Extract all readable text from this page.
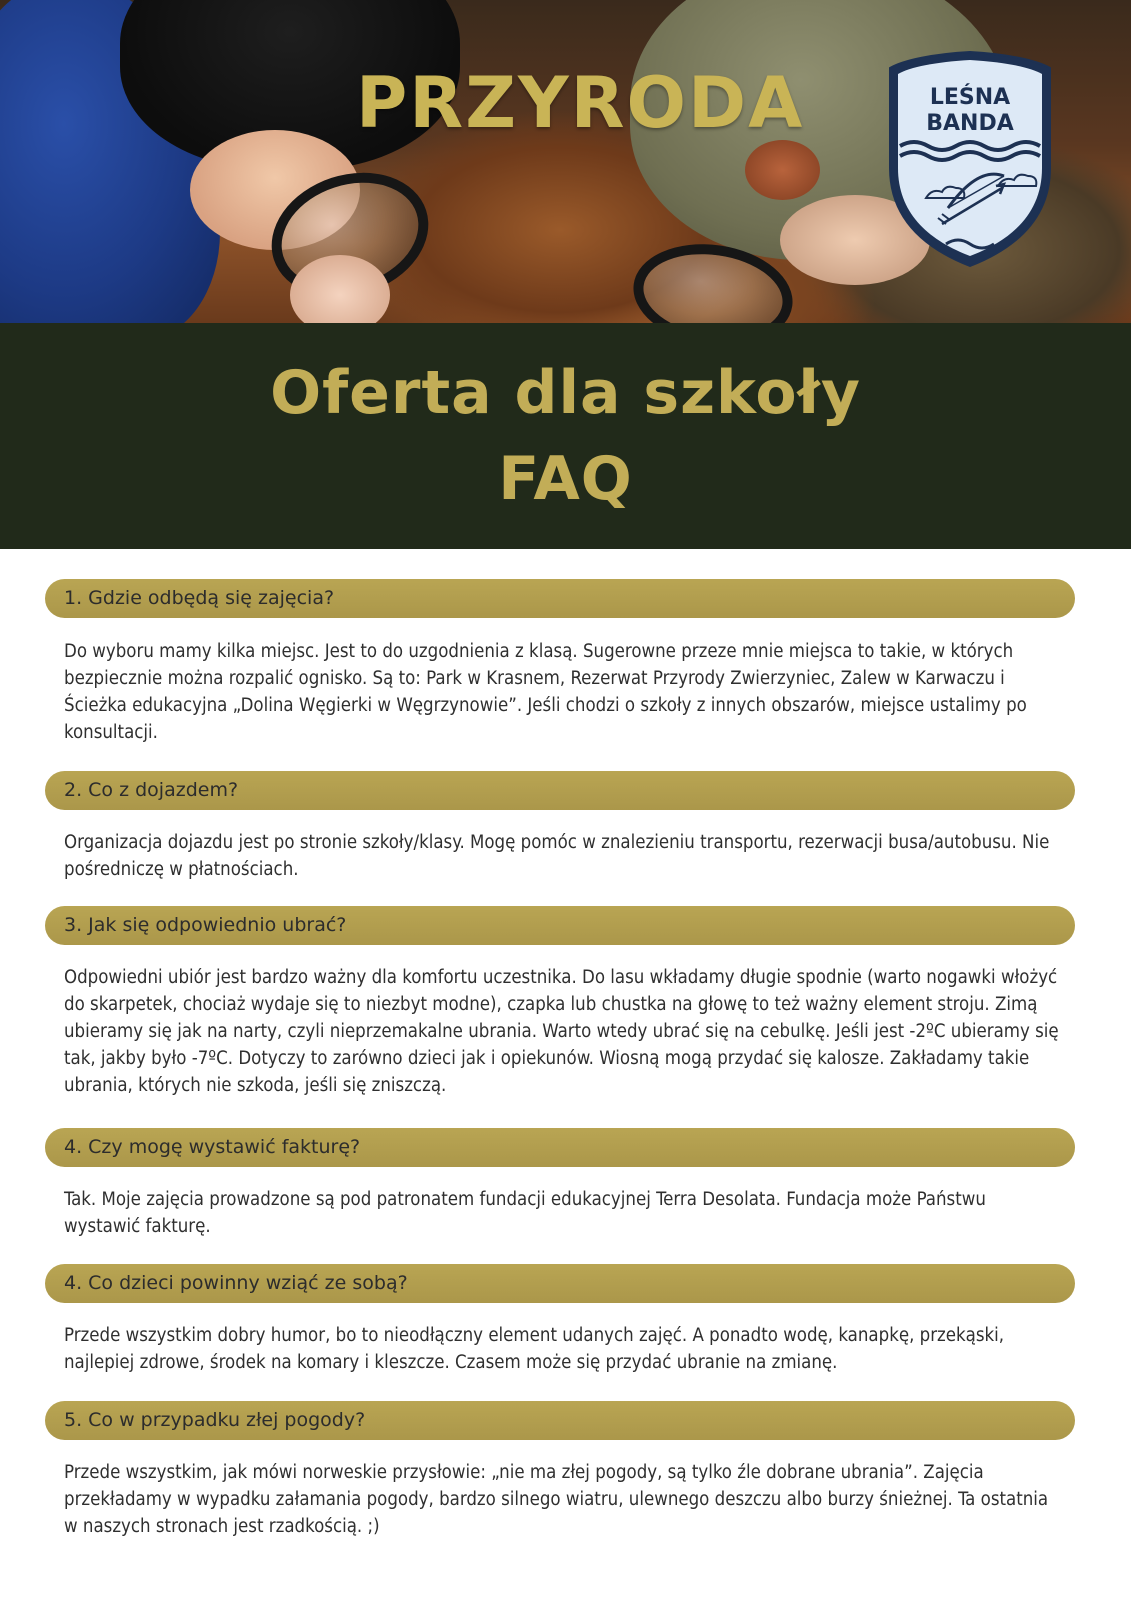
PRZYRODA	LEŚNA
BANDA
Oferta dla szkoły
FAQ
1. Gdzie odbędą się zajęcia?
Do wyboru mamy kilka miejsc. Jest to do uzgodnienia z klasą. Sugerowne przeze mnie miejsca to takie, w których bezpiecznie można rozpalić ognisko. Są to: Park w Krasnem, Rezerwat Przyrody Zwierzyniec, Zalew w Karwaczu i Ścieżka edukacyjna „Dolina Węgierki w Węgrzynowie”. Jeśli chodzi o szkoły z innych obszarów, miejsce ustalimy po konsultacji.
2. Co z dojazdem?
Organizacja dojazdu jest po stronie szkoły/klasy. Mogę pomóc w znalezieniu transportu, rezerwacji busa/autobusu. Nie pośredniczę w płatnościach.
3. Jak się odpowiednio ubrać?
Odpowiedni ubiór jest bardzo ważny dla komfortu uczestnika. Do lasu wkładamy długie spodnie (warto nogawki włożyć do skarpetek, chociaż wydaje się to niezbyt modne), czapka lub chustka na głowę to też ważny element stroju. Zimą ubieramy się jak na narty, czyli nieprzemakalne ubrania. Warto wtedy ubrać się na cebulkę. Jeśli jest -2ºC ubieramy się tak, jakby było -7ºC. Dotyczy to zarówno dzieci jak i opiekunów. Wiosną mogą przydać się kalosze. Zakładamy takie ubrania, których nie szkoda, jeśli się zniszczą.
4. Czy mogę wystawić fakturę?
Tak. Moje zajęcia prowadzone są pod patronatem fundacji edukacyjnej Terra Desolata. Fundacja może Państwu wystawić fakturę.
4. Co dzieci powinny wziąć ze sobą?
Przede wszystkim dobry humor, bo to nieodłączny element udanych zajęć. A ponadto wodę, kanapkę, przekąski, najlepiej zdrowe, środek na komary i kleszcze. Czasem może się przydać ubranie na zmianę.
5. Co w przypadku złej pogody?
Przede wszystkim, jak mówi norweskie przysłowie: „nie ma złej pogody, są tylko źle dobrane ubrania”. Zajęcia przekładamy w wypadku załamania pogody, bardzo silnego wiatru, ulewnego deszczu albo burzy śnieżnej. Ta ostatnia w naszych stronach jest rzadkością. ;)
